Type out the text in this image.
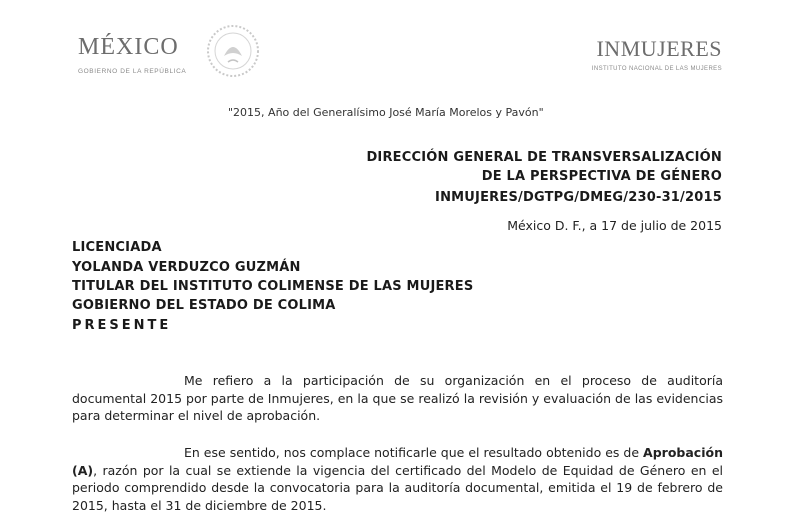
MÉXICO
GOBIERNO DE LA REPÚBLICA
INMUJERES
INSTITUTO NACIONAL DE LAS MUJERES
"2015, Año del Generalísimo José María Morelos y Pavón"
DIRECCIÓN GENERAL DE TRANSVERSALIZACIÓN
DE LA PERSPECTIVA DE GÉNERO
INMUJERES/DGTPG/DMEG/230-31/2015
México D. F., a 17 de julio de 2015
LICENCIADA
YOLANDA VERDUZCO GUZMÁN
TITULAR DEL INSTITUTO COLIMENSE DE LAS MUJERES
GOBIERNO DEL ESTADO DE COLIMA
PRESENTE
Me refiero a la participación de su organización en el proceso de auditoría documental 2015 por parte de Inmujeres, en la que se realizó la revisión y evaluación de las evidencias para determinar el nivel de aprobación.
En ese sentido, nos complace notificarle que el resultado obtenido es de Aprobación (A), razón por la cual se extiende la vigencia del certificado del Modelo de Equidad de Género en el periodo comprendido desde la convocatoria para la auditoría documental, emitida el 19 de febrero de 2015, hasta el 31 de diciembre de 2015.
